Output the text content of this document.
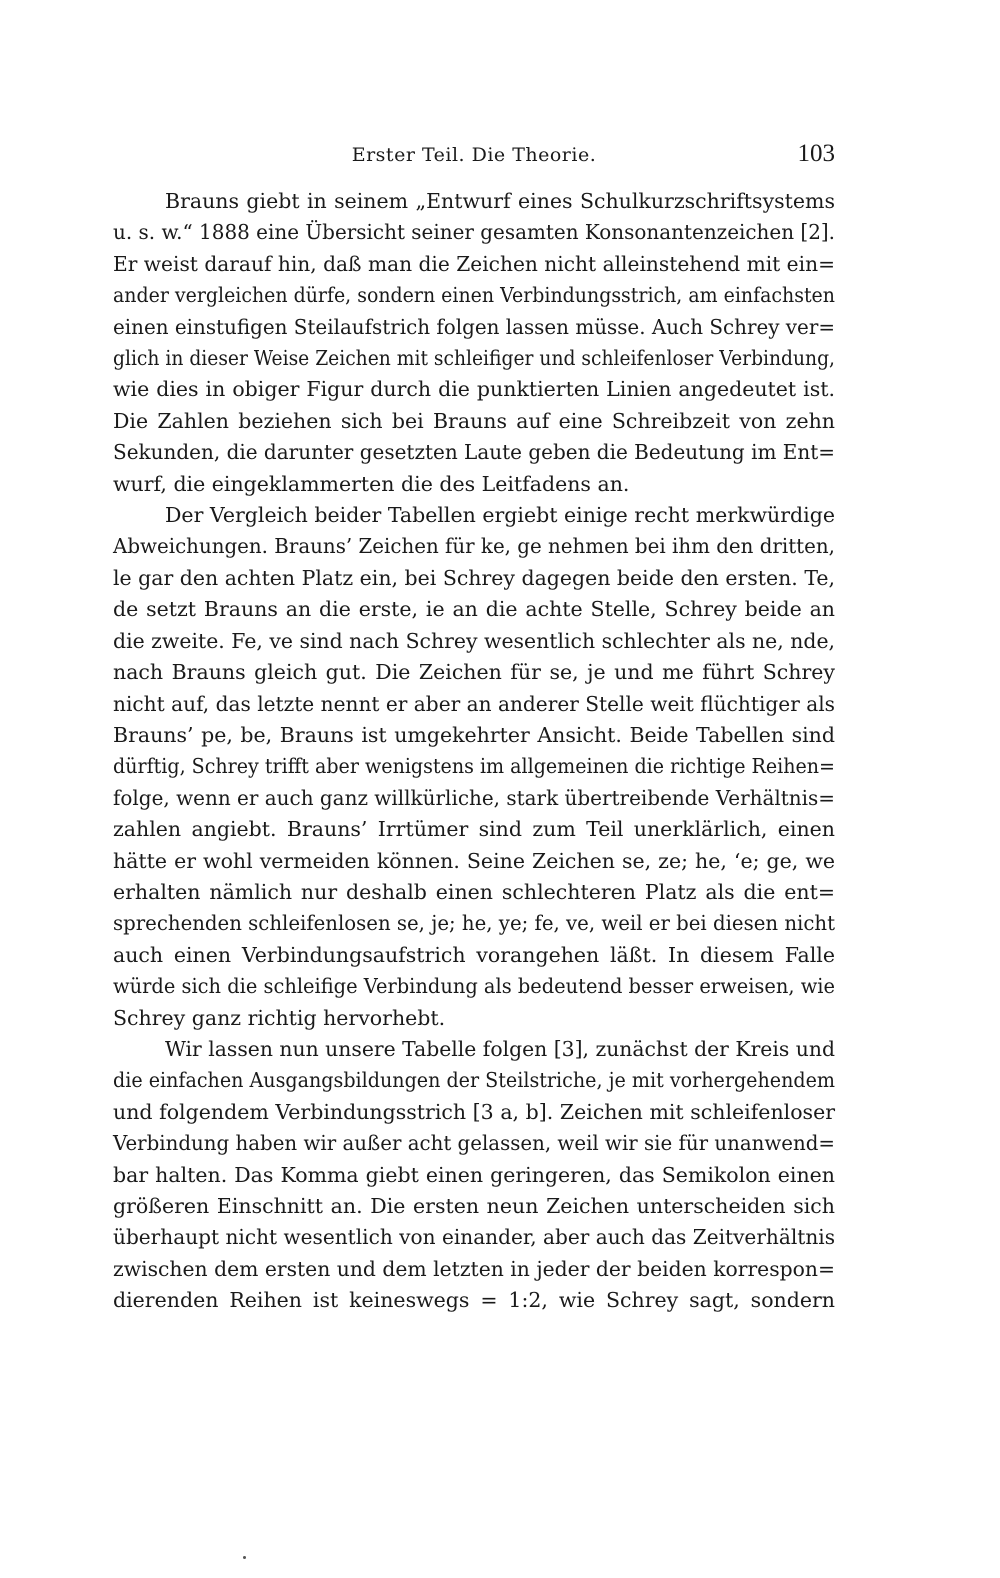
Erster Teil. Die Theorie.	103

Brauns giebt in seinem „Entwurf eines Schulkurzschriftsystems
u. s. w.“ 1888 eine Übersicht seiner gesamten Konsonantenzeichen [2].
Er weist darauf hin, daß man die Zeichen nicht alleinstehend mit ein=
ander vergleichen dürfe, sondern einen Verbindungsstrich, am einfachsten
einen einstufigen Steilaufstrich folgen lassen müsse. Auch Schrey ver=
glich in dieser Weise Zeichen mit schleifiger und schleifenloser Verbindung,
wie dies in obiger Figur durch die punktierten Linien angedeutet ist.
Die Zahlen beziehen sich bei Brauns auf eine Schreibzeit von zehn
Sekunden, die darunter gesetzten Laute geben die Bedeutung im Ent=
wurf, die eingeklammerten die des Leitfadens an.

Der Vergleich beider Tabellen ergiebt einige recht merkwürdige
Abweichungen. Brauns’ Zeichen für ke, ge nehmen bei ihm den dritten,
le gar den achten Platz ein, bei Schrey dagegen beide den ersten. Te,
de setzt Brauns an die erste, ie an die achte Stelle, Schrey beide an
die zweite. Fe, ve sind nach Schrey wesentlich schlechter als ne, nde,
nach Brauns gleich gut. Die Zeichen für se, je und me führt Schrey
nicht auf, das letzte nennt er aber an anderer Stelle weit flüchtiger als
Brauns’ pe, be, Brauns ist umgekehrter Ansicht. Beide Tabellen sind
dürftig, Schrey trifft aber wenigstens im allgemeinen die richtige Reihen=
folge, wenn er auch ganz willkürliche, stark übertreibende Verhältnis=
zahlen angiebt. Brauns’ Irrtümer sind zum Teil unerklärlich, einen
hätte er wohl vermeiden können. Seine Zeichen se, ze; he, ‘e; ge, we
erhalten nämlich nur deshalb einen schlechteren Platz als die ent=
sprechenden schleifenlosen se, je; he, ye; fe, ve, weil er bei diesen nicht
auch einen Verbindungsaufstrich vorangehen läßt. In diesem Falle
würde sich die schleifige Verbindung als bedeutend besser erweisen, wie
Schrey ganz richtig hervorhebt.

Wir lassen nun unsere Tabelle folgen [3], zunächst der Kreis und
die einfachen Ausgangsbildungen der Steilstriche, je mit vorhergehendem
und folgendem Verbindungsstrich [3 a, b]. Zeichen mit schleifenloser
Verbindung haben wir außer acht gelassen, weil wir sie für unanwend=
bar halten. Das Komma giebt einen geringeren, das Semikolon einen
größeren Einschnitt an. Die ersten neun Zeichen unterscheiden sich
überhaupt nicht wesentlich von einander, aber auch das Zeitverhältnis
zwischen dem ersten und dem letzten in jeder der beiden korrespon=
dierenden Reihen ist keineswegs = 1:2, wie Schrey sagt, sondern
